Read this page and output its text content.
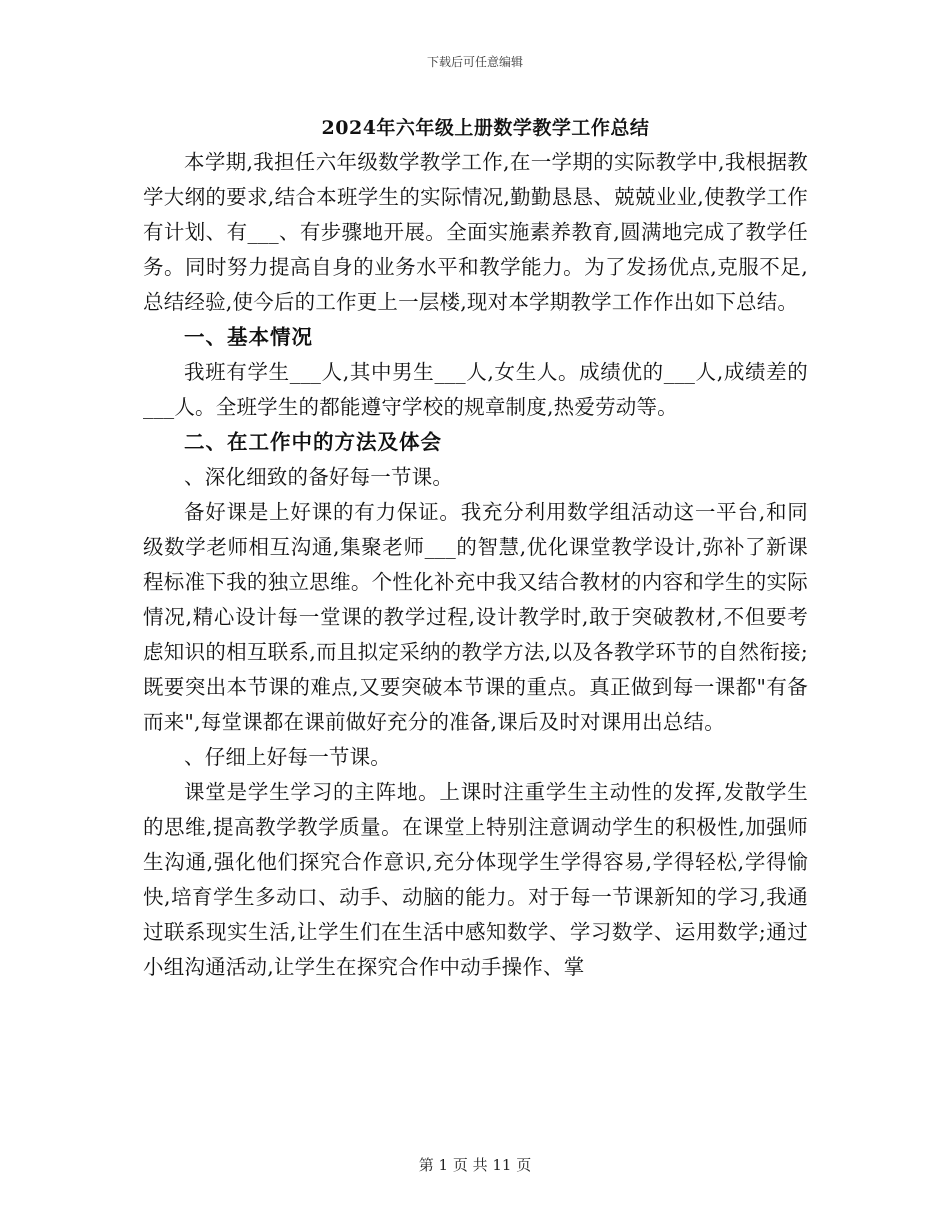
下载后可任意编辑
2024年六年级上册数学教学工作总结

本学期,我担任六年级数学教学工作,在一学期的实际教学中,我根据教学大纲的要求,结合本班学生的实际情况,勤勤恳恳、兢兢业业,使教学工作有计划、有___、有步骤地开展。全面实施素养教育,圆满地完成了教学任务。同时努力提高自身的业务水平和教学能力。为了发扬优点,克服不足,总结经验,使今后的工作更上一层楼,现对本学期教学工作作出如下总结。

一、基本情况

我班有学生___人,其中男生___人,女生人。成绩优的___人,成绩差的___人。全班学生的都能遵守学校的规章制度,热爱劳动等。

二、在工作中的方法及体会

、深化细致的备好每一节课。

备好课是上好课的有力保证。我充分利用数学组活动这一平台,和同级数学老师相互沟通,集聚老师___的智慧,优化课堂教学设计,弥补了新课程标准下我的独立思维。个性化补充中我又结合教材的内容和学生的实际情况,精心设计每一堂课的教学过程,设计教学时,敢于突破教材,不但要考虑知识的相互联系,而且拟定采纳的教学方法,以及各教学环节的自然衔接;既要突出本节课的难点,又要突破本节课的重点。真正做到每一课都"有备而来",每堂课都在课前做好充分的准备,课后及时对课用出总结。

、仔细上好每一节课。

课堂是学生学习的主阵地。上课时注重学生主动性的发挥,发散学生的思维,提高教学教学质量。在课堂上特别注意调动学生的积极性,加强师生沟通,强化他们探究合作意识,充分体现学生学得容易,学得轻松,学得愉快,培育学生多动口、动手、动脑的能力。对于每一节课新知的学习,我通过联系现实生活,让学生们在生活中感知数学、学习数学、运用数学;通过小组沟通活动,让学生在探究合作中动手操作、掌

第 1 页 共 11 页
